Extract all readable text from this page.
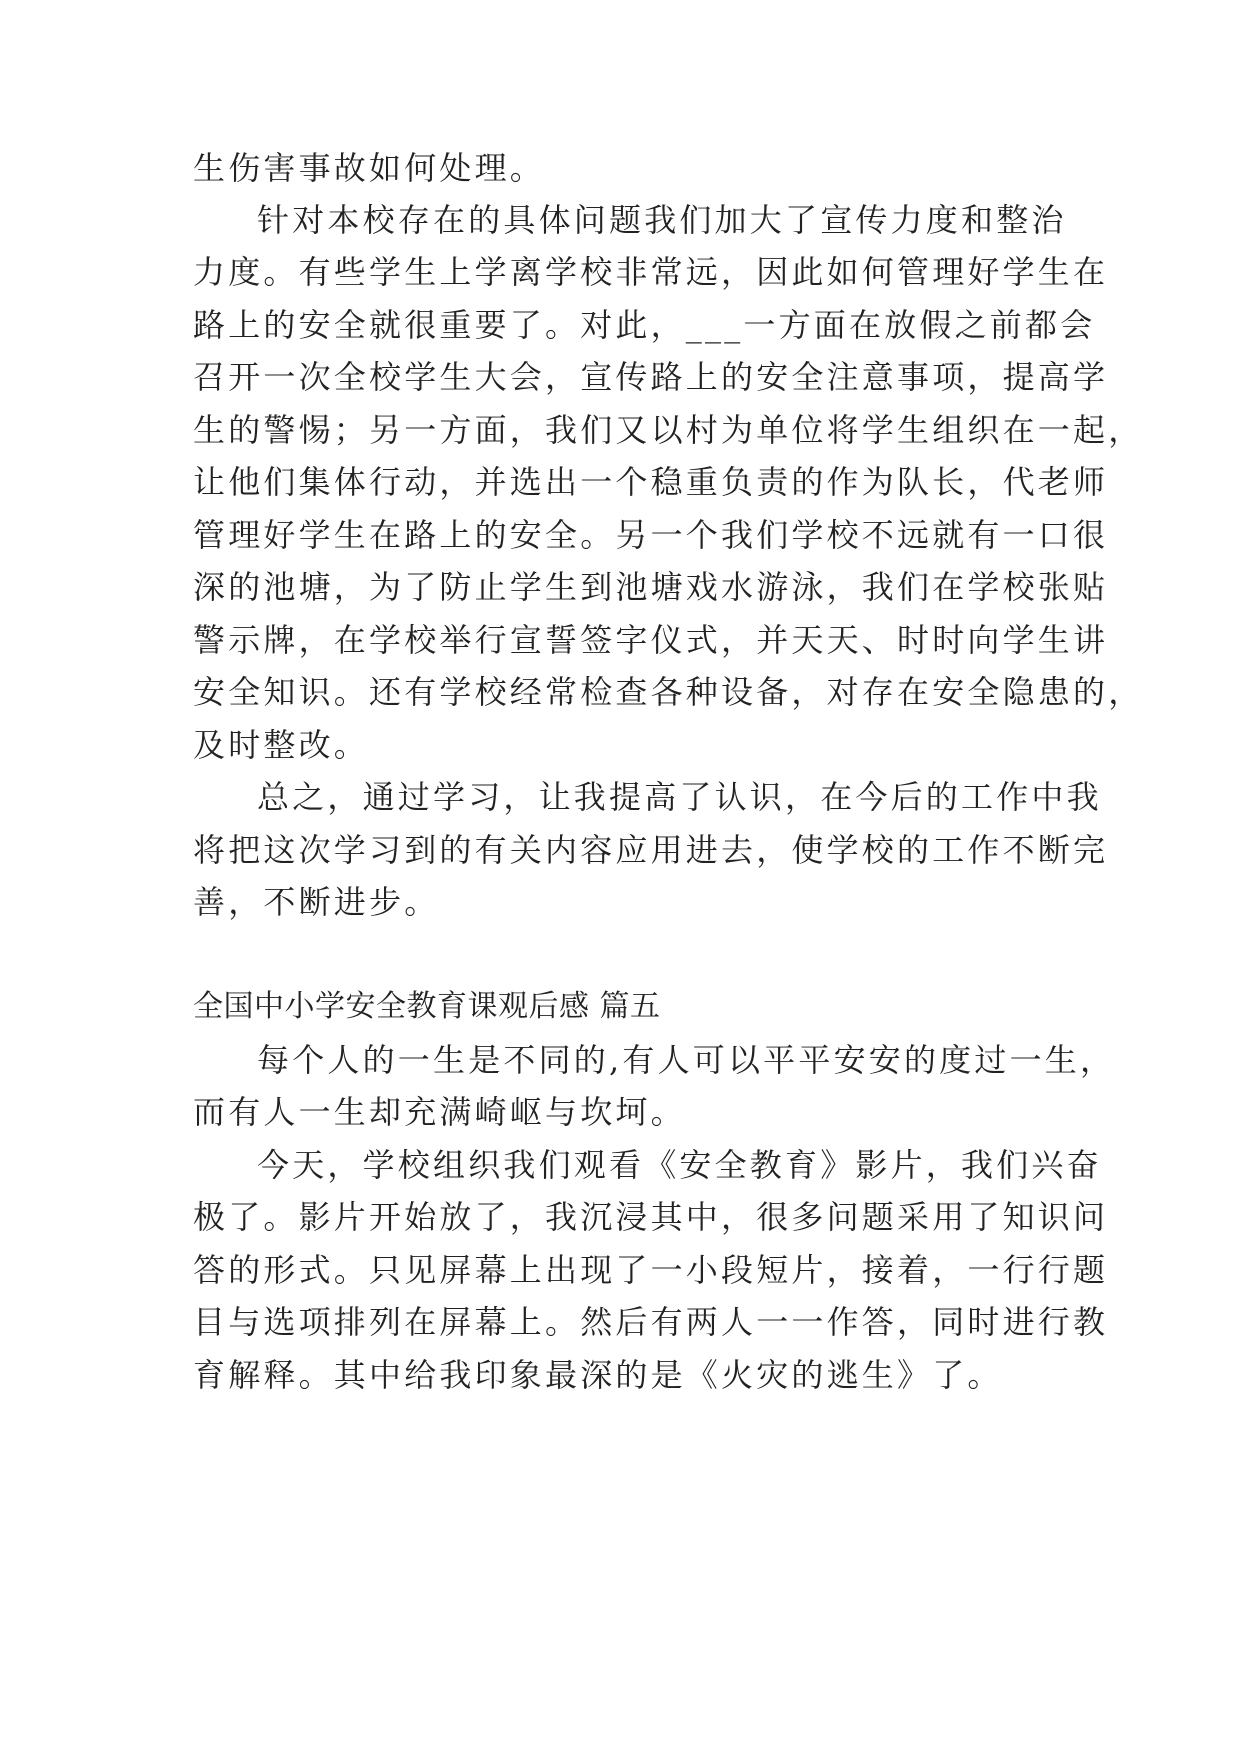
生伤害事故如何处理。
针对本校存在的具体问题我们加大了宣传力度和整治
力度。有些学生上学离学校非常远，因此如何管理好学生在
路上的安全就很重要了。对此，___一方面在放假之前都会
召开一次全校学生大会，宣传路上的安全注意事项，提高学
生的警惕；另一方面，我们又以村为单位将学生组织在一起，
让他们集体行动，并选出一个稳重负责的作为队长，代老师
管理好学生在路上的安全。另一个我们学校不远就有一口很
深的池塘，为了防止学生到池塘戏水游泳，我们在学校张贴
警示牌，在学校举行宣誓签字仪式，并天天、时时向学生讲
安全知识。还有学校经常检查各种设备，对存在安全隐患的，
及时整改。
总之，通过学习，让我提高了认识，在今后的工作中我
将把这次学习到的有关内容应用进去，使学校的工作不断完
善，不断进步。
全国中小学安全教育课观后感 篇五
每个人的一生是不同的,有人可以平平安安的度过一生，
而有人一生却充满崎岖与坎坷。
今天，学校组织我们观看《安全教育》影片，我们兴奋
极了。影片开始放了，我沉浸其中，很多问题采用了知识问
答的形式。只见屏幕上出现了一小段短片，接着，一行行题
目与选项排列在屏幕上。然后有两人一一作答，同时进行教
育解释。其中给我印象最深的是《火灾的逃生》了。
